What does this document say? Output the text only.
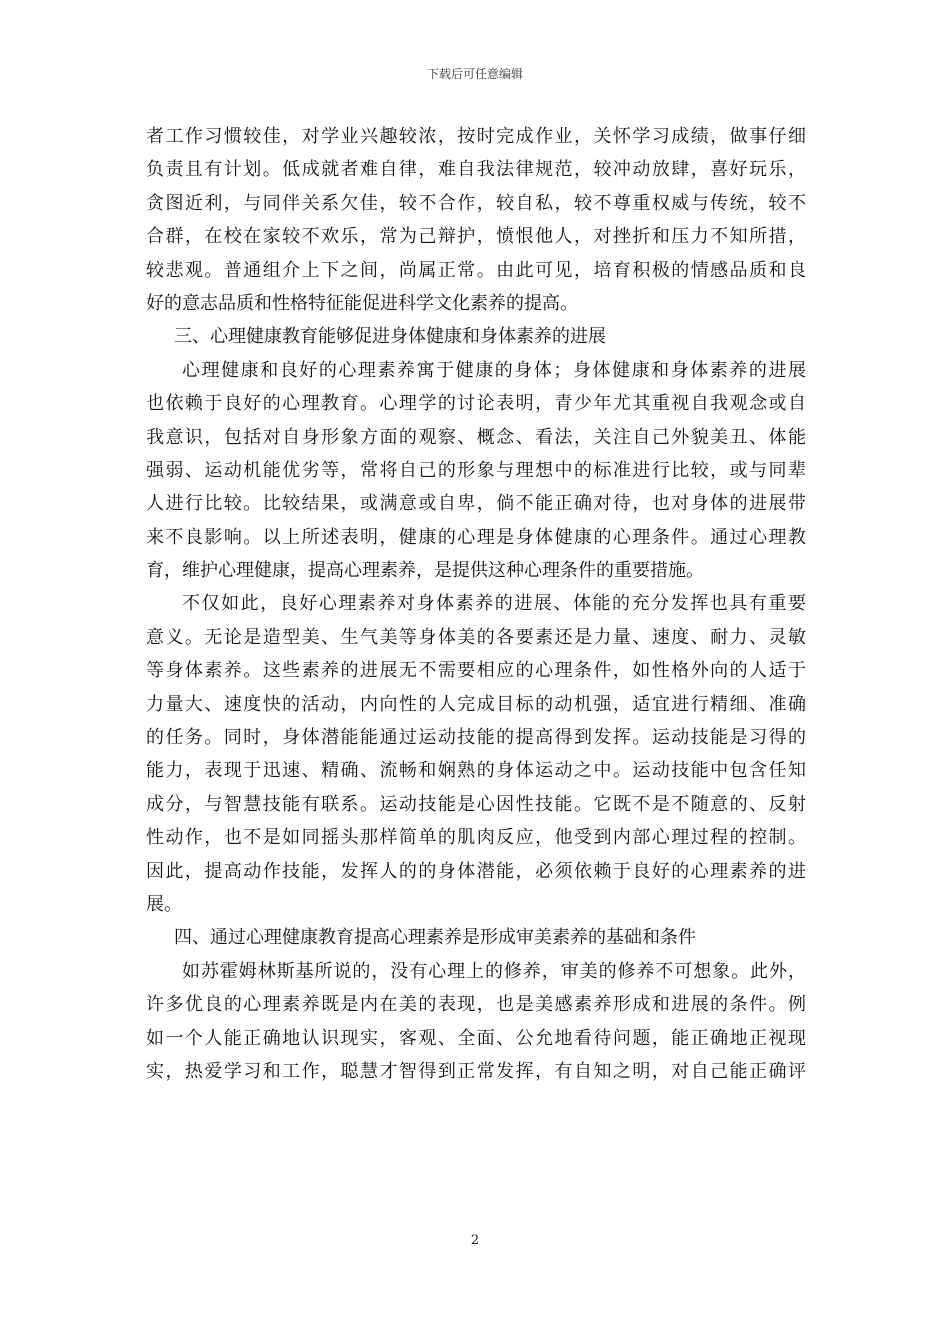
下载后可任意编辑
者工作习惯较佳，对学业兴趣较浓，按时完成作业，关怀学习成绩，做事仔细
负责且有计划。低成就者难自律，难自我法律规范，较冲动放肆，喜好玩乐，
贪图近利，与同伴关系欠佳，较不合作，较自私，较不尊重权威与传统，较不
合群，在校在家较不欢乐，常为己辩护，愤恨他人，对挫折和压力不知所措，
较悲观。普通组介上下之间，尚属正常。由此可见，培育积极的情感品质和良
好的意志品质和性格特征能促进科学文化素养的提高。
三、心理健康教育能够促进身体健康和身体素养的进展
心理健康和良好的心理素养寓于健康的身体；身体健康和身体素养的进展
也依赖于良好的心理教育。心理学的讨论表明，青少年尤其重视自我观念或自
我意识，包括对自身形象方面的观察、概念、看法，关注自己外貌美丑、体能
强弱、运动机能优劣等，常将自己的形象与理想中的标准进行比较，或与同辈
人进行比较。比较结果，或满意或自卑，倘不能正确对待，也对身体的进展带
来不良影响。以上所述表明，健康的心理是身体健康的心理条件。通过心理教
育，维护心理健康，提高心理素养，是提供这种心理条件的重要措施。
不仅如此，良好心理素养对身体素养的进展、体能的充分发挥也具有重要
意义。无论是造型美、生气美等身体美的各要素还是力量、速度、耐力、灵敏
等身体素养。这些素养的进展无不需要相应的心理条件，如性格外向的人适于
力量大、速度快的活动，内向性的人完成目标的动机强，适宜进行精细、准确
的任务。同时，身体潜能能通过运动技能的提高得到发挥。运动技能是习得的
能力，表现于迅速、精确、流畅和娴熟的身体运动之中。运动技能中包含任知
成分，与智慧技能有联系。运动技能是心因性技能。它既不是不随意的、反射
性动作，也不是如同摇头那样简单的肌肉反应，他受到内部心理过程的控制。
因此，提高动作技能，发挥人的的身体潜能，必须依赖于良好的心理素养的进
展。
四、通过心理健康教育提高心理素养是形成审美素养的基础和条件
如苏霍姆林斯基所说的，没有心理上的修养，审美的修养不可想象。此外，
许多优良的心理素养既是内在美的表现，也是美感素养形成和进展的条件。例
如一个人能正确地认识现实，客观、全面、公允地看待问题，能正确地正视现
实，热爱学习和工作，聪慧才智得到正常发挥，有自知之明，对自己能正确评
2
